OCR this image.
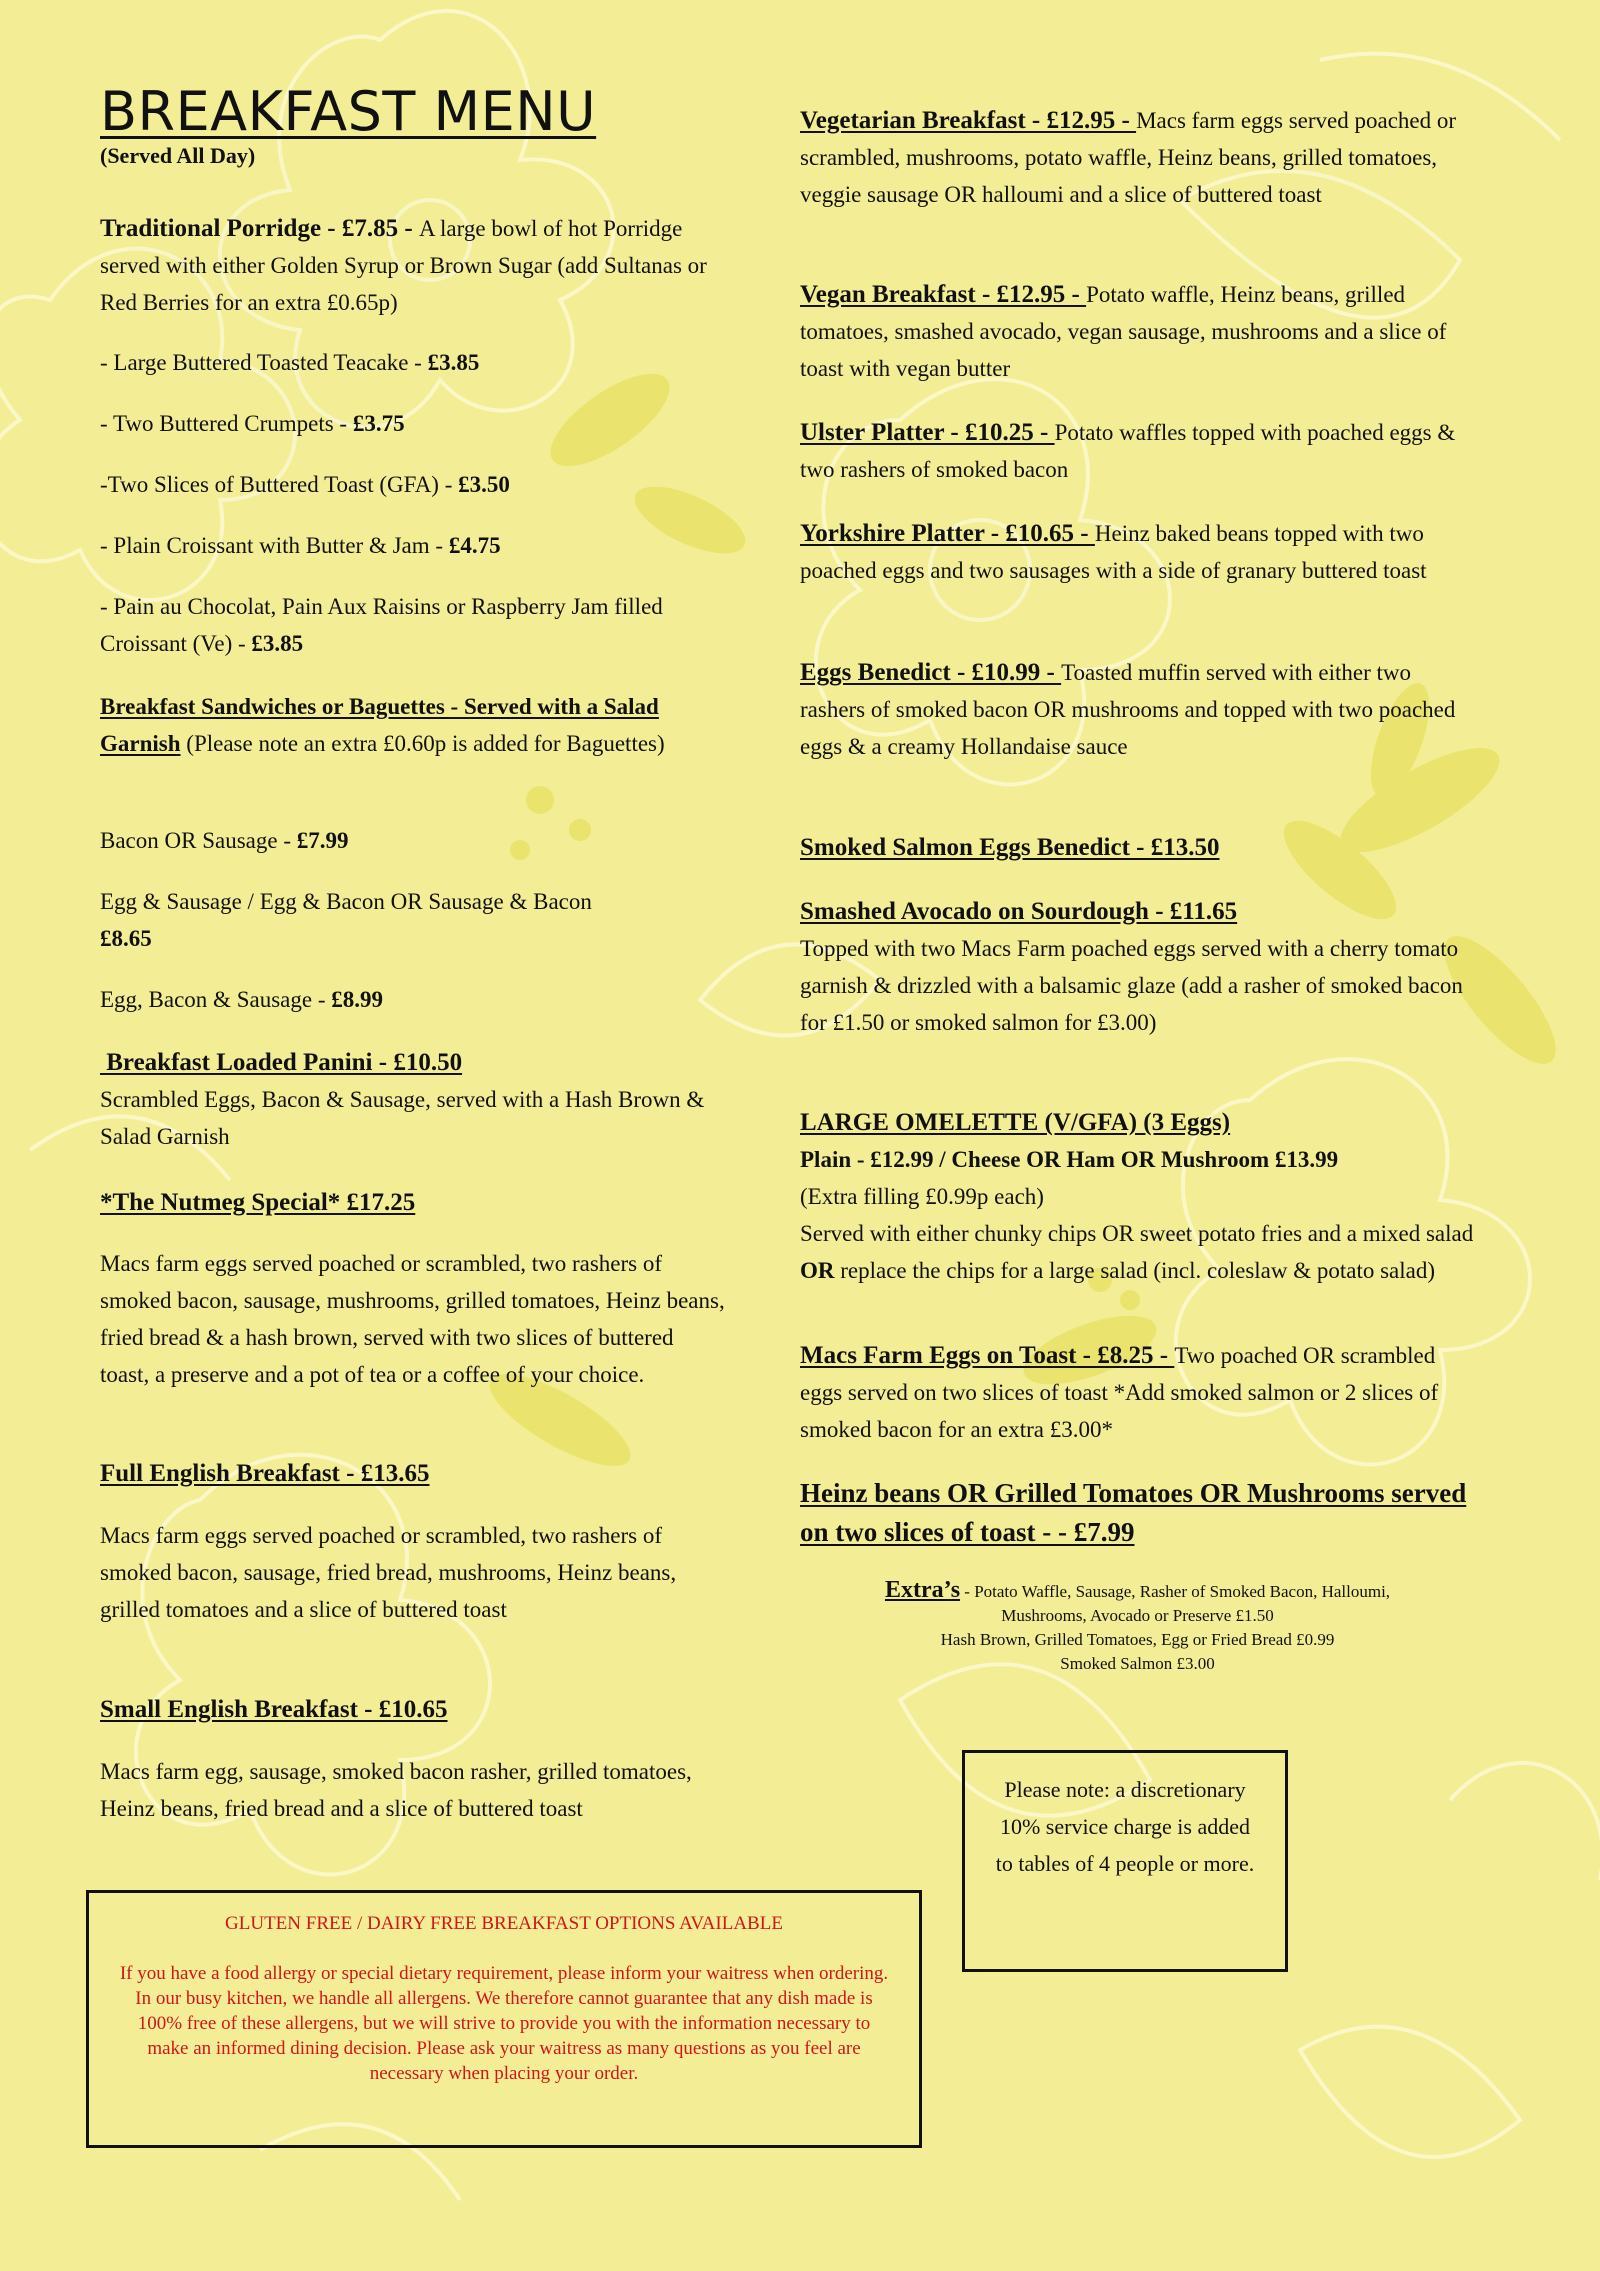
BREAKFAST MENU
(Served All Day)

Traditional Porridge - £7.85 - A large bowl of hot Porridge served with either Golden Syrup or Brown Sugar (add Sultanas or Red Berries for an extra £0.65p)

- Large Buttered Toasted Teacake - £3.85

- Two Buttered Crumpets - £3.75

-Two Slices of Buttered Toast (GFA) - £3.50

- Plain Croissant with Butter & Jam - £4.75

- Pain au Chocolat, Pain Aux Raisins or Raspberry Jam filled Croissant (Ve) - £3.85

Breakfast Sandwiches or Baguettes - Served with a Salad Garnish (Please note an extra £0.60p is added for Baguettes)

Bacon OR Sausage - £7.99

Egg & Sausage / Egg & Bacon OR Sausage & Bacon
£8.65

Egg, Bacon & Sausage - £8.99

Breakfast Loaded Panini - £10.50
Scrambled Eggs, Bacon & Sausage, served with a Hash Brown & Salad Garnish

*The Nutmeg Special* £17.25

Macs farm eggs served poached or scrambled, two rashers of smoked bacon, sausage, mushrooms, grilled tomatoes, Heinz beans, fried bread & a hash brown, served with two slices of buttered toast, a preserve and a pot of tea or a coffee of your choice.

Full English Breakfast - £13.65

Macs farm eggs served poached or scrambled, two rashers of smoked bacon, sausage, fried bread, mushrooms, Heinz beans, grilled tomatoes and a slice of buttered toast

Small English Breakfast - £10.65

Macs farm egg, sausage, smoked bacon rasher, grilled tomatoes, Heinz beans, fried bread and a slice of buttered toast

Vegetarian Breakfast - £12.95 - Macs farm eggs served poached or scrambled, mushrooms, potato waffle, Heinz beans, grilled tomatoes, veggie sausage OR halloumi and a slice of buttered toast

Vegan Breakfast - £12.95 - Potato waffle, Heinz beans, grilled tomatoes, smashed avocado, vegan sausage, mushrooms and a slice of toast with vegan butter

Ulster Platter - £10.25 - Potato waffles topped with poached eggs & two rashers of smoked bacon

Yorkshire Platter - £10.65 - Heinz baked beans topped with two poached eggs and two sausages with a side of granary buttered toast

Eggs Benedict - £10.99 - Toasted muffin served with either two rashers of smoked bacon OR mushrooms and topped with two poached eggs & a creamy Hollandaise sauce

Smoked Salmon Eggs Benedict - £13.50

Smashed Avocado on Sourdough - £11.65
Topped with two Macs Farm poached eggs served with a cherry tomato garnish & drizzled with a balsamic glaze (add a rasher of smoked bacon for £1.50 or smoked salmon for £3.00)

LARGE OMELETTE (V/GFA) (3 Eggs)
Plain - £12.99 / Cheese OR Ham OR Mushroom £13.99
(Extra filling £0.99p each)
Served with either chunky chips OR sweet potato fries and a mixed salad OR replace the chips for a large salad (incl. coleslaw & potato salad)

Macs Farm Eggs on Toast - £8.25 - Two poached OR scrambled eggs served on two slices of toast *Add smoked salmon or 2 slices of smoked bacon for an extra £3.00*

Heinz beans OR Grilled Tomatoes OR Mushrooms served on two slices of toast - - £7.99

Extra’s - Potato Waffle, Sausage, Rasher of Smoked Bacon, Halloumi,
Mushrooms, Avocado or Preserve £1.50
Hash Brown, Grilled Tomatoes, Egg or Fried Bread £0.99
Smoked Salmon £3.00
Please note: a discretionary 10% service charge is added to tables of 4 people or more.
GLUTEN FREE / DAIRY FREE BREAKFAST OPTIONS AVAILABLE
If you have a food allergy or special dietary requirement, please inform your waitress when ordering. In our busy kitchen, we handle all allergens. We therefore cannot guarantee that any dish made is 100% free of these allergens, but we will strive to provide you with the information necessary to make an informed dining decision. Please ask your waitress as many questions as you feel are necessary when placing your order.
